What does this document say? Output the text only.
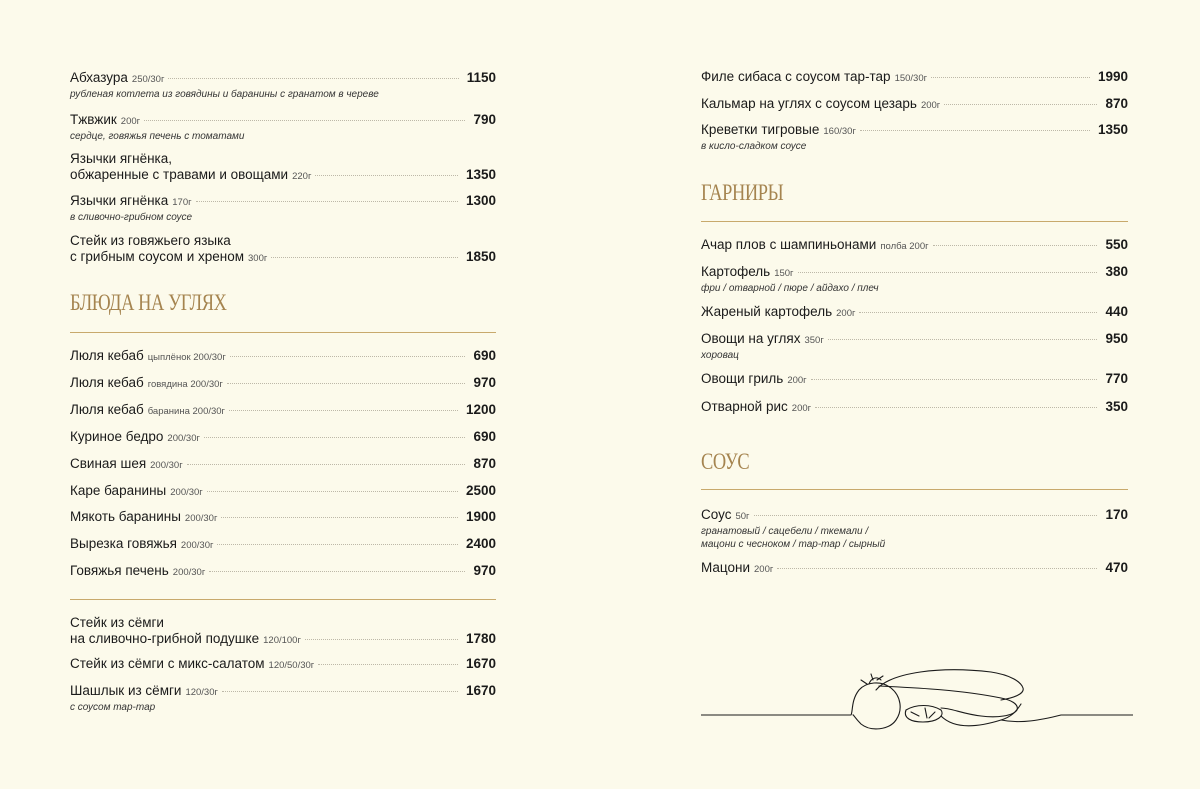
Абхазура 250/30г	1150
рубленая котлета из говядины и баранины с гранатом в череве
Тжвжик 200г	790
сердце, говяжья печень с томатами
Язычки ягнёнка,
обжаренные с травами и овощами 220г	1350
Язычки ягнёнка 170г	1300
в сливочно-грибном соусе
Стейк из говяжьего языка
с грибным соусом и хреном 300г	1850
БЛЮДА НА УГЛЯХ
Люля кебаб цыплёнок 200/30г	690
Люля кебаб говядина 200/30г	970
Люля кебаб баранина 200/30г	1200
Куриное бедро 200/30г	690
Свиная шея 200/30г	870
Каре баранины 200/30г	2500
Мякоть баранины 200/30г	1900
Вырезка говяжья 200/30г	2400
Говяжья печень 200/30г	970
Стейк из сёмги
на сливочно-грибной подушке 120/100г	1780
Стейк из сёмги с микс-салатом 120/50/30г	1670
Шашлык из сёмги 120/30г	1670
с соусом тар-тар
Филе сибаса с соусом тар-тар 150/30г	1990
Кальмар на углях с соусом цезарь 200г	870
Креветки тигровые 160/30г	1350
в кисло-сладком соусе
ГАРНИРЫ
Ачар плов с шампиньонами полба 200г	550
Картофель 150г	380
фри / отварной / пюре / айдахо / плеч
Жареный картофель 200г	440
Овощи на углях 350г	950
хоровац
Овощи гриль 200г	770
Отварной рис 200г	350
СОУС
Соус 50г	170
гранатовый / сацебели / ткемали /
мацони с чесноком / тар-тар / сырный
Мацони 200г	470
